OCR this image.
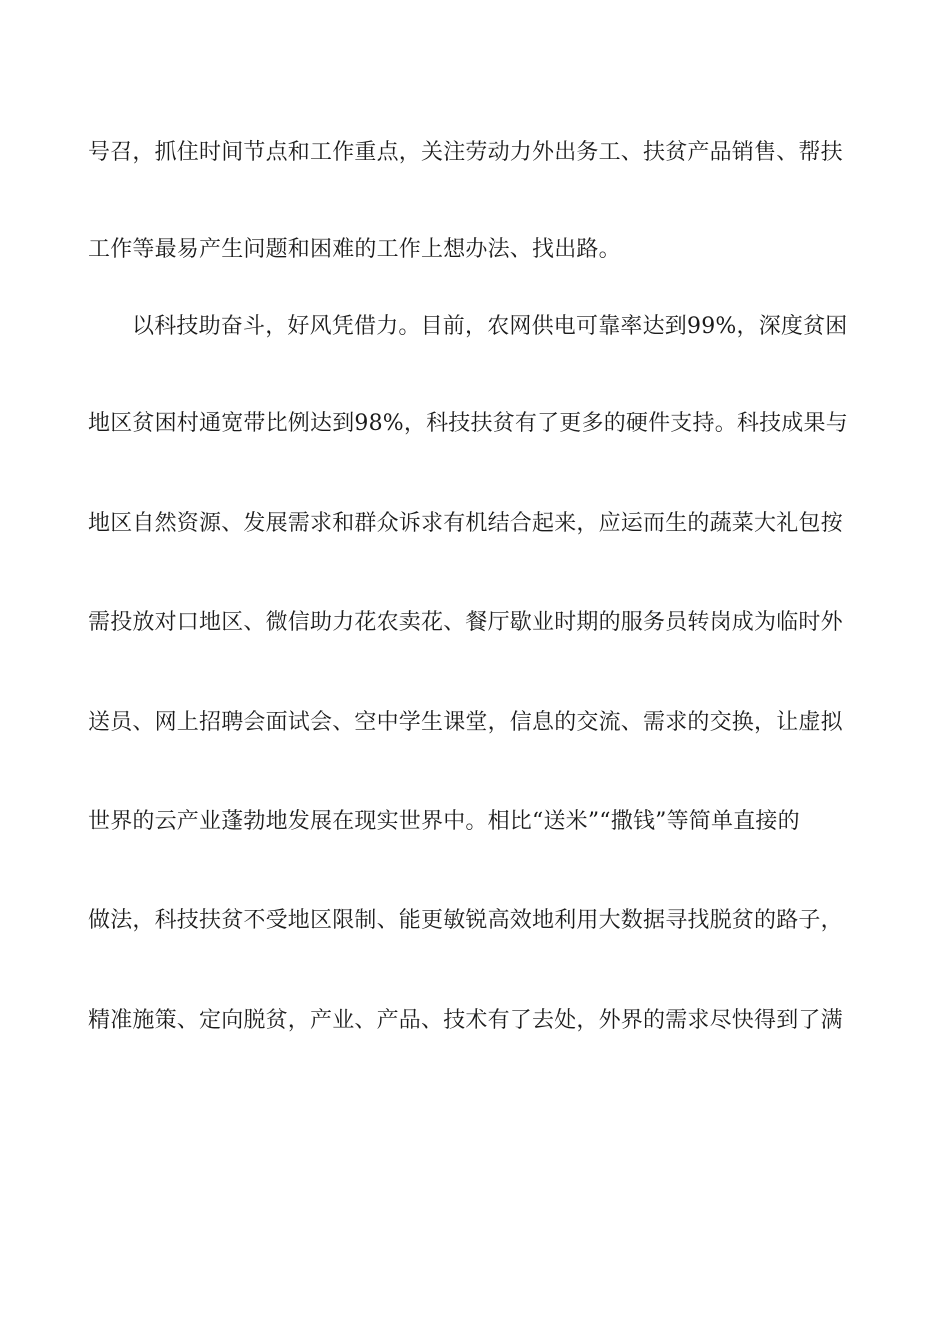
号召，抓住时间节点和工作重点，关注劳动力外出务工、扶贫产品销售、帮扶
工作等最易产生问题和困难的工作上想办法、找出路。
以科技助奋斗，好风凭借力。目前，农网供电可靠率达到99%，深度贫困
地区贫困村通宽带比例达到98%，科技扶贫有了更多的硬件支持。科技成果与
地区自然资源、发展需求和群众诉求有机结合起来，应运而生的蔬菜大礼包按
需投放对口地区、微信助力花农卖花、餐厅歇业时期的服务员转岗成为临时外
送员、网上招聘会面试会、空中学生课堂，信息的交流、需求的交换，让虚拟
世界的云产业蓬勃地发展在现实世界中。相比“送米”“撒钱”等简单直接的
做法，科技扶贫不受地区限制、能更敏锐高效地利用大数据寻找脱贫的路子，
精准施策、定向脱贫，产业、产品、技术有了去处，外界的需求尽快得到了满
